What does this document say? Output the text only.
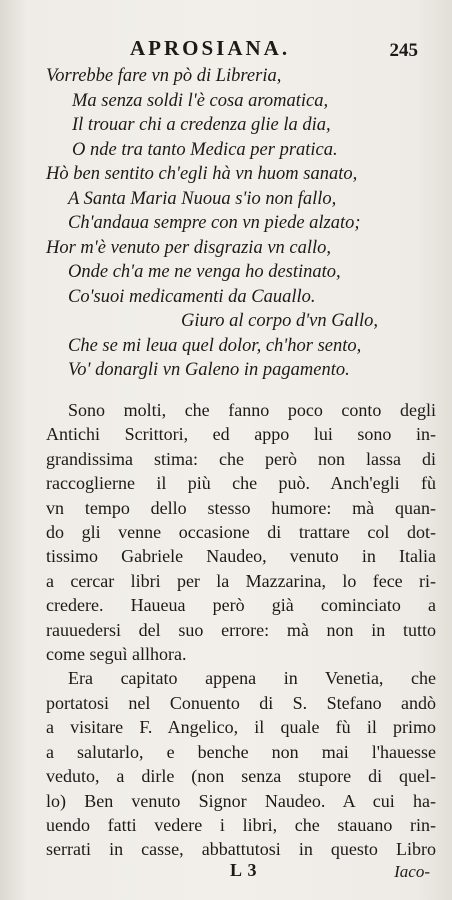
APROSIANA.	245
Vorrebbe fare vn pò di Libreria,
Ma senza soldi l'è cosa aromatica,
Il trouar chi a credenza glie la dia,
O nde tra tanto Medica per pratica.
Hò ben sentito ch'egli hà vn huom sanato,
A Santa Maria Nuoua s'io non fallo,
Ch'andaua sempre con vn piede alzato;
Hor m'è venuto per disgrazia vn callo,
Onde ch'a me ne venga ho destinato,
Co'suoi medicamenti da Cauallo.
Giuro al corpo d'vn Gallo,
Che se mi leua quel dolor, ch'hor sento,
Vo' donargli vn Galeno in pagamento.
Sono molti, che fanno poco conto degli
Antichi Scrittori, ed appo lui sono in-
grandissima stima: che però non lassa di
raccoglierne il più che può. Anch'egli fù
vn tempo dello stesso humore: mà quan-
do gli venne occasione di trattare col dot-
tissimo Gabriele Naudeo, venuto in Italia
a cercar libri per la Mazzarina, lo fece ri-
credere. Haueua però già cominciato a
rauuedersi del suo errore: mà non in tutto
come seguì allhora.
Era capitato appena in Venetia, che
portatosi nel Conuento di S. Stefano andò
a visitare F. Angelico, il quale fù il primo
a salutarlo, e benche non mai l'hauesse
veduto, a dirle (non senza stupore di quel-
lo) Ben venuto Signor Naudeo. A cui ha-
uendo fatti vedere i libri, che stauano rin-
serrati in casse, abbattutosi in questo Libro
L 3	Iaco-
